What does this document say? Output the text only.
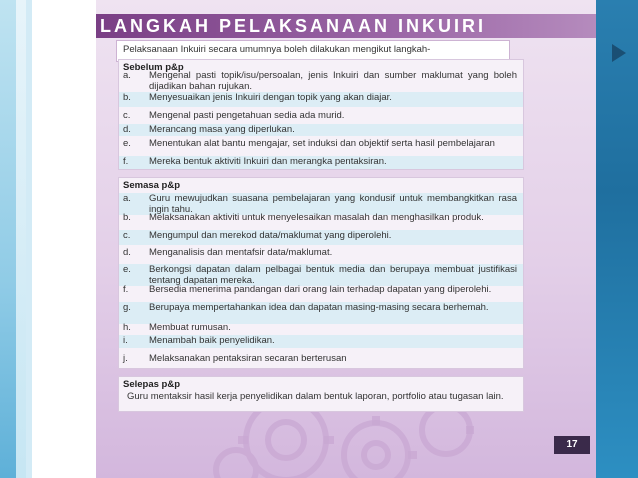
LANGKAH PELAKSANAAN INKUIRI
Pelaksanaan Inkuiri secara umumnya boleh dilakukan mengikut langkah-
Sebelum p&p
a. Mengenal pasti topik/isu/persoalan, jenis Inkuiri dan sumber maklumat yang boleh dijadikan bahan rujukan.
b. Menyesuaikan jenis Inkuiri dengan topik yang akan diajar.
c. Mengenal pasti pengetahuan sedia ada murid.
d. Merancang masa yang diperlukan.
e. Menentukan alat bantu mengajar, set induksi dan objektif serta hasil pembelajaran
f. Mereka bentuk aktiviti Inkuiri dan merangka pentaksiran.
Semasa p&p
a. Guru mewujudkan suasana pembelajaran yang kondusif untuk membangkitkan rasa ingin tahu.
b. Melaksanakan aktiviti untuk menyelesaikan masalah dan menghasilkan produk.
c. Mengumpul dan merekod data/maklumat yang diperolehi.
d. Menganalisis dan mentafsir data/maklumat.
e. Berkongsi dapatan dalam pelbagai bentuk media dan berupaya membuat justifikasi tentang dapatan mereka.
f. Bersedia menerima pandangan dari orang lain terhadap dapatan yang diperolehi.
g. Berupaya mempertahankan idea dan dapatan masing-masing secara berhemah.
h. Membuat rumusan.
i. Menambah baik penyelidikan.
j. Melaksanakan pentaksiran secaran berterusan
Selepas p&p
Guru mentaksir hasil kerja penyelidikan dalam bentuk laporan, portfolio atau tugasan lain.
17
